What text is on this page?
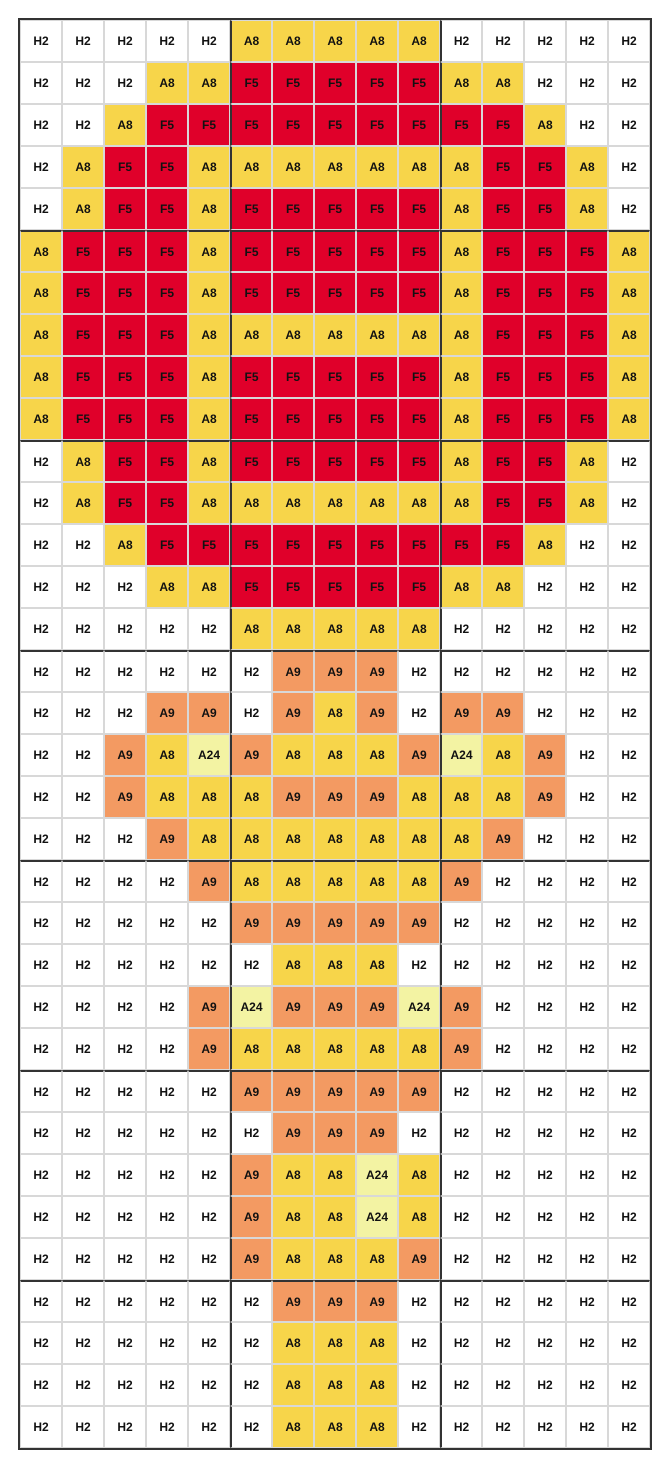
H2	H2	H2	H2	H2	A8	A8	A8	A8	A8	H2	H2	H2	H2	H2
H2	H2	H2	A8	A8	F5	F5	F5	F5	F5	A8	A8	H2	H2	H2
H2	H2	A8	F5	F5	F5	F5	F5	F5	F5	F5	F5	A8	H2	H2
H2	A8	F5	F5	A8	A8	A8	A8	A8	A8	A8	F5	F5	A8	H2
H2	A8	F5	F5	A8	F5	F5	F5	F5	F5	A8	F5	F5	A8	H2
A8	F5	F5	F5	A8	F5	F5	F5	F5	F5	A8	F5	F5	F5	A8
A8	F5	F5	F5	A8	F5	F5	F5	F5	F5	A8	F5	F5	F5	A8
A8	F5	F5	F5	A8	A8	A8	A8	A8	A8	A8	F5	F5	F5	A8
A8	F5	F5	F5	A8	F5	F5	F5	F5	F5	A8	F5	F5	F5	A8
A8	F5	F5	F5	A8	F5	F5	F5	F5	F5	A8	F5	F5	F5	A8
H2	A8	F5	F5	A8	F5	F5	F5	F5	F5	A8	F5	F5	A8	H2
H2	A8	F5	F5	A8	A8	A8	A8	A8	A8	A8	F5	F5	A8	H2
H2	H2	A8	F5	F5	F5	F5	F5	F5	F5	F5	F5	A8	H2	H2
H2	H2	H2	A8	A8	F5	F5	F5	F5	F5	A8	A8	H2	H2	H2
H2	H2	H2	H2	H2	A8	A8	A8	A8	A8	H2	H2	H2	H2	H2
H2	H2	H2	H2	H2	H2	A9	A9	A9	H2	H2	H2	H2	H2	H2
H2	H2	H2	A9	A9	H2	A9	A8	A9	H2	A9	A9	H2	H2	H2
H2	H2	A9	A8	A24	A9	A8	A8	A8	A9	A24	A8	A9	H2	H2
H2	H2	A9	A8	A8	A8	A9	A9	A9	A8	A8	A8	A9	H2	H2
H2	H2	H2	A9	A8	A8	A8	A8	A8	A8	A8	A9	H2	H2	H2
H2	H2	H2	H2	A9	A8	A8	A8	A8	A8	A9	H2	H2	H2	H2
H2	H2	H2	H2	H2	A9	A9	A9	A9	A9	H2	H2	H2	H2	H2
H2	H2	H2	H2	H2	H2	A8	A8	A8	H2	H2	H2	H2	H2	H2
H2	H2	H2	H2	A9	A24	A9	A9	A9	A24	A9	H2	H2	H2	H2
H2	H2	H2	H2	A9	A8	A8	A8	A8	A8	A9	H2	H2	H2	H2
H2	H2	H2	H2	H2	A9	A9	A9	A9	A9	H2	H2	H2	H2	H2
H2	H2	H2	H2	H2	H2	A9	A9	A9	H2	H2	H2	H2	H2	H2
H2	H2	H2	H2	H2	A9	A8	A8	A24	A8	H2	H2	H2	H2	H2
H2	H2	H2	H2	H2	A9	A8	A8	A24	A8	H2	H2	H2	H2	H2
H2	H2	H2	H2	H2	A9	A8	A8	A8	A9	H2	H2	H2	H2	H2
H2	H2	H2	H2	H2	H2	A9	A9	A9	H2	H2	H2	H2	H2	H2
H2	H2	H2	H2	H2	H2	A8	A8	A8	H2	H2	H2	H2	H2	H2
H2	H2	H2	H2	H2	H2	A8	A8	A8	H2	H2	H2	H2	H2	H2
H2	H2	H2	H2	H2	H2	A8	A8	A8	H2	H2	H2	H2	H2	H2
